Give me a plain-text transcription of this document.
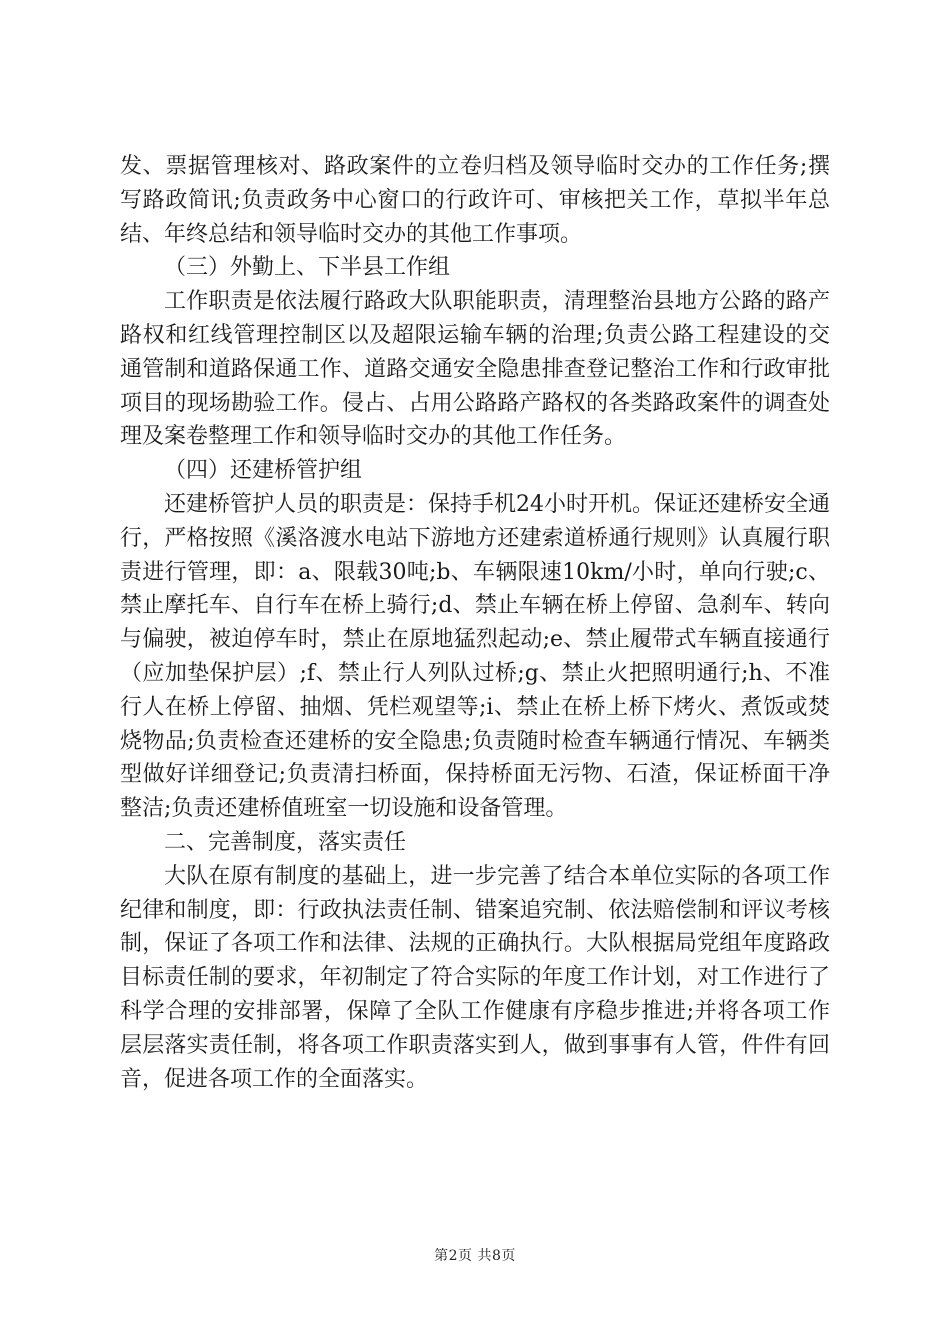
发、票据管理核对、路政案件的立卷归档及领导临时交办的工作任务;撰写路政简讯;负责政务中心窗口的行政许可、审核把关工作，草拟半年总结、年终总结和领导临时交办的其他工作事项。

（三）外勤上、下半县工作组

工作职责是依法履行路政大队职能职责，清理整治县地方公路的路产路权和红线管理控制区以及超限运输车辆的治理;负责公路工程建设的交通管制和道路保通工作、道路交通安全隐患排查登记整治工作和行政审批项目的现场勘验工作。侵占、占用公路路产路权的各类路政案件的调查处理及案卷整理工作和领导临时交办的其他工作任务。

（四）还建桥管护组

还建桥管护人员的职责是：保持手机24小时开机。保证还建桥安全通行，严格按照《溪洛渡水电站下游地方还建索道桥通行规则》认真履行职责进行管理，即：a、限载30吨;b、车辆限速10km/小时，单向行驶;c、禁止摩托车、自行车在桥上骑行;d、禁止车辆在桥上停留、急刹车、转向与偏驶，被迫停车时，禁止在原地猛烈起动;e、禁止履带式车辆直接通行（应加垫保护层）;f、禁止行人列队过桥;g、禁止火把照明通行;h、不准行人在桥上停留、抽烟、凭栏观望等;i、禁止在桥上桥下烤火、煮饭或焚烧物品;负责检查还建桥的安全隐患;负责随时检查车辆通行情况、车辆类型做好详细登记;负责清扫桥面，保持桥面无污物、石渣，保证桥面干净整洁;负责还建桥值班室一切设施和设备管理。

二、完善制度，落实责任

大队在原有制度的基础上，进一步完善了结合本单位实际的各项工作纪律和制度，即：行政执法责任制、错案追究制、依法赔偿制和评议考核制，保证了各项工作和法律、法规的正确执行。大队根据局党组年度路政目标责任制的要求，年初制定了符合实际的年度工作计划，对工作进行了科学合理的安排部署，保障了全队工作健康有序稳步推进;并将各项工作层层落实责任制，将各项工作职责落实到人，做到事事有人管，件件有回音，促进各项工作的全面落实。

第2页 共8页
